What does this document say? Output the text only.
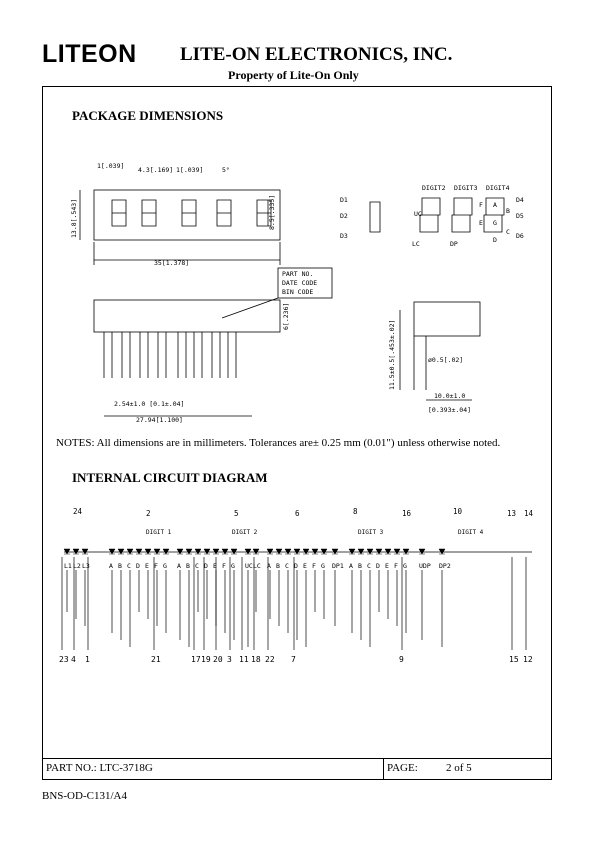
LITEON LITE-ON ELECTRONICS, INC.
Property of Lite-On Only
PACKAGE DIMENSIONS
1[.039] 4.3[.169] 1[.039]	5°
13.8[.543]	8.5[.335]
35[1.378]
6[.236]
2.54±1.0 [0.1±.04]
27.94[1.100]
11.5±0.5[.453±.02]	ø0.5[.02]
10.0±1.0
[0.393±.04]
PART NO.
DATE CODE
BIN CODE
DIGIT2 DIGIT3 DIGIT4
D1
D2
D3
D4
D5
D6
UC
LC	DP
A
B
C
D
E
F
G
NOTES: All dimensions are in millimeters. Tolerances are± 0.25 mm (0.01") unless otherwise noted.
INTERNAL CIRCUIT DIAGRAM
24	2	5	6	8	16	10	13 14
DIGIT 1	DIGIT 2	DIGIT 3	DIGIT 4
L1 L2 L3	A B C D E F G A B C D E F G UC LC A B C D E F G DP1 A B C D E F G UDP DP2
23 4 1	21	17 19 20 3 11 18 22 7	9	15 12
PART NO.: LTC-3718G	PAGE:	2 of 5
BNS-OD-C131/A4
